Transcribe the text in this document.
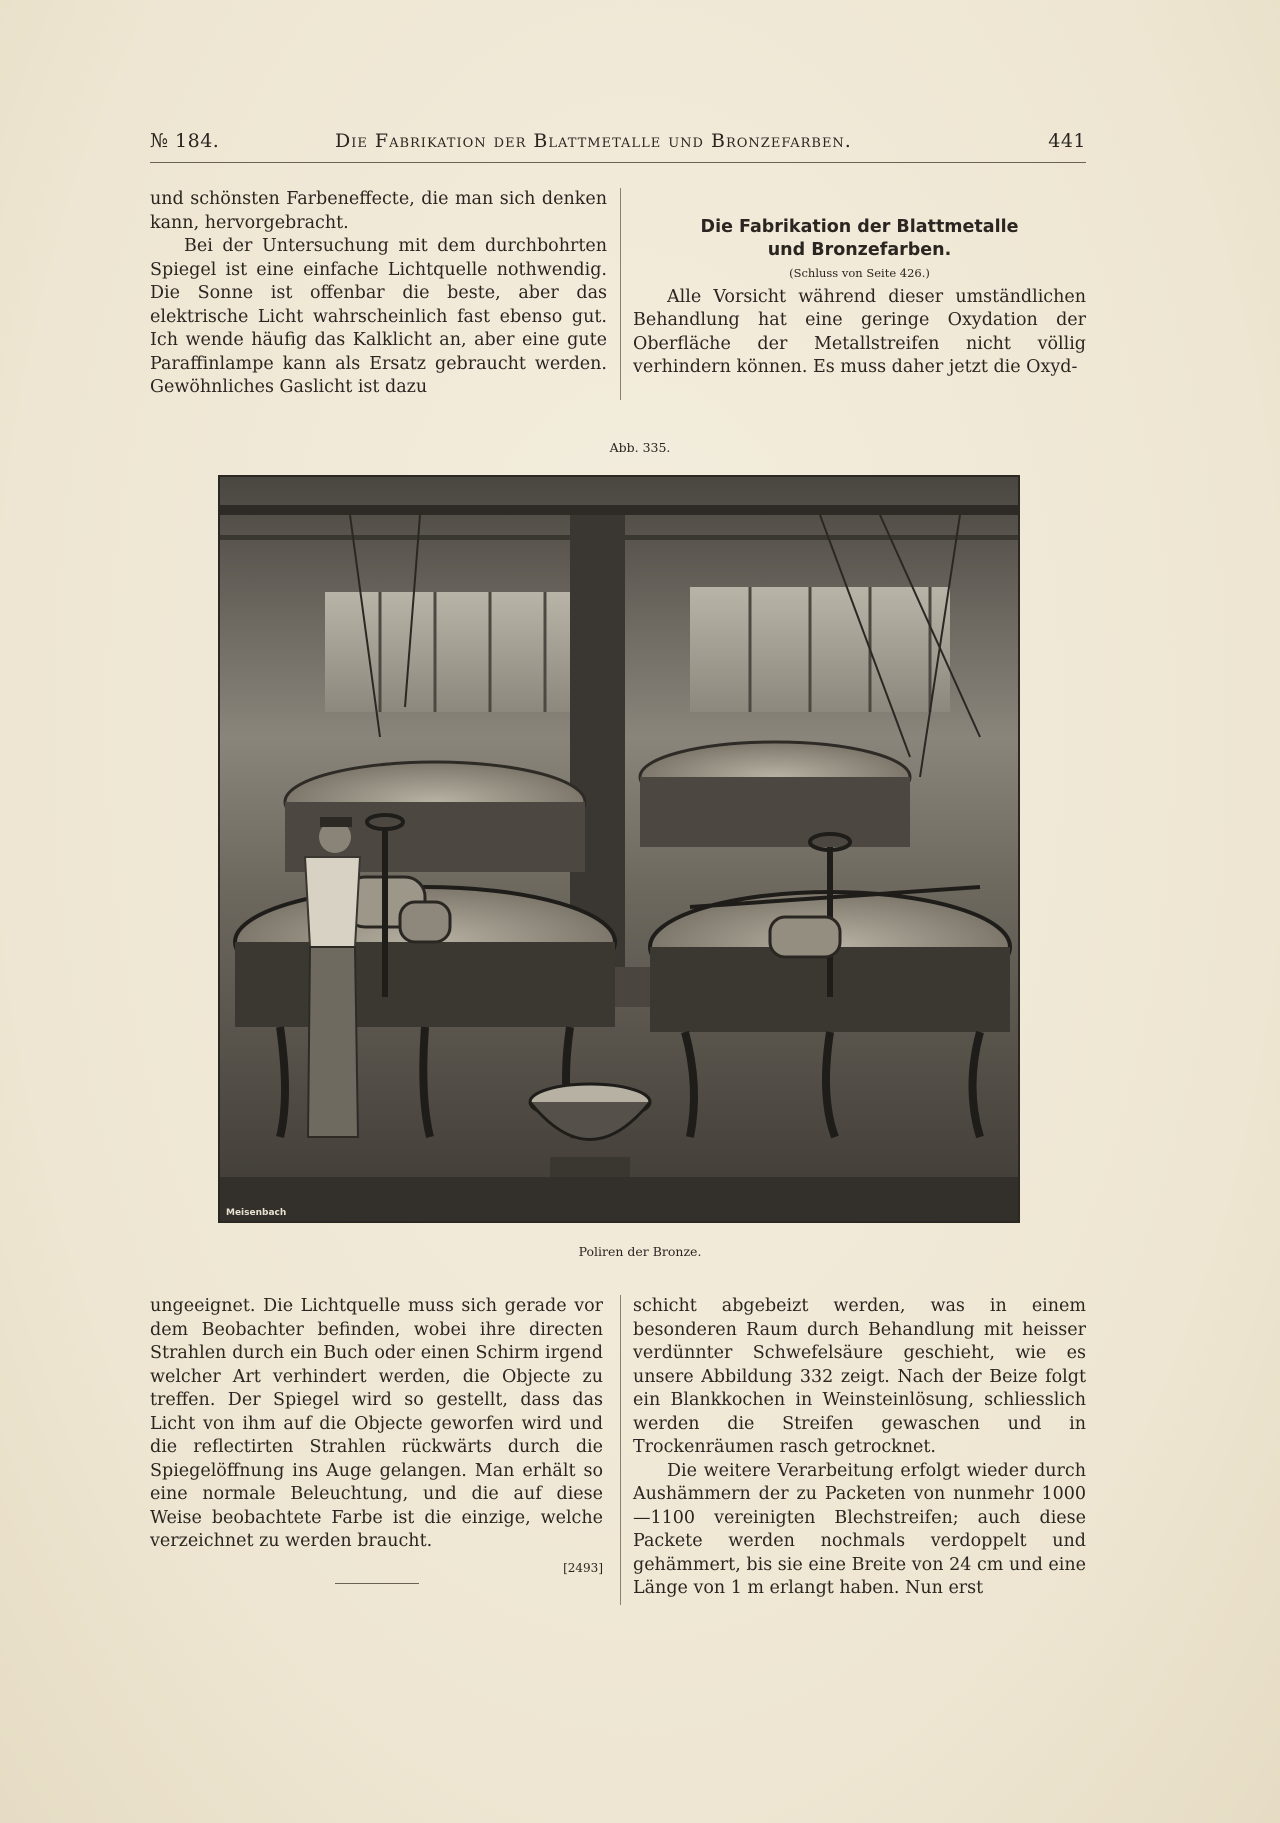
№ 184.	Die Fabrikation der Blattmetalle und Bronzefarben.	441

und schönsten Farbeneffecte, die man sich denken kann, hervorgebracht.

Bei der Untersuchung mit dem durchbohrten Spiegel ist eine einfache Lichtquelle nothwendig. Die Sonne ist offenbar die beste, aber das elektrische Licht wahrscheinlich fast ebenso gut. Ich wende häufig das Kalklicht an, aber eine gute Paraffinlampe kann als Ersatz gebraucht werden. Gewöhnliches Gaslicht ist dazu

Die Fabrikation der Blattmetalle

und Bronzefarben.

(Schluss von Seite 426.)

Alle Vorsicht während dieser umständlichen Behandlung hat eine geringe Oxydation der Oberfläche der Metallstreifen nicht völlig verhindern können. Es muss daher jetzt die Oxyd-

Abb. 335.
Meisenbach
Poliren der Bronze.

ungeeignet. Die Lichtquelle muss sich gerade vor dem Beobachter befinden, wobei ihre directen Strahlen durch ein Buch oder einen Schirm irgend welcher Art verhindert werden, die Objecte zu treffen. Der Spiegel wird so gestellt, dass das Licht von ihm auf die Objecte geworfen wird und die reflectirten Strahlen rückwärts durch die Spiegelöffnung ins Auge gelangen. Man erhält so eine normale Beleuchtung, und die auf diese Weise beobachtete Farbe ist die einzige, welche verzeichnet zu werden braucht.

[2493]

schicht abgebeizt werden, was in einem besonderen Raum durch Behandlung mit heisser verdünnter Schwefelsäure geschieht, wie es unsere Abbildung 332 zeigt. Nach der Beize folgt ein Blankkochen in Weinsteinlösung, schliesslich werden die Streifen gewaschen und in Trockenräumen rasch getrocknet.

Die weitere Verarbeitung erfolgt wieder durch Aushämmern der zu Packeten von nunmehr 1000—1100 vereinigten Blechstreifen; auch diese Packete werden nochmals verdoppelt und gehämmert, bis sie eine Breite von 24 cm und eine Länge von 1 m erlangt haben. Nun erst
